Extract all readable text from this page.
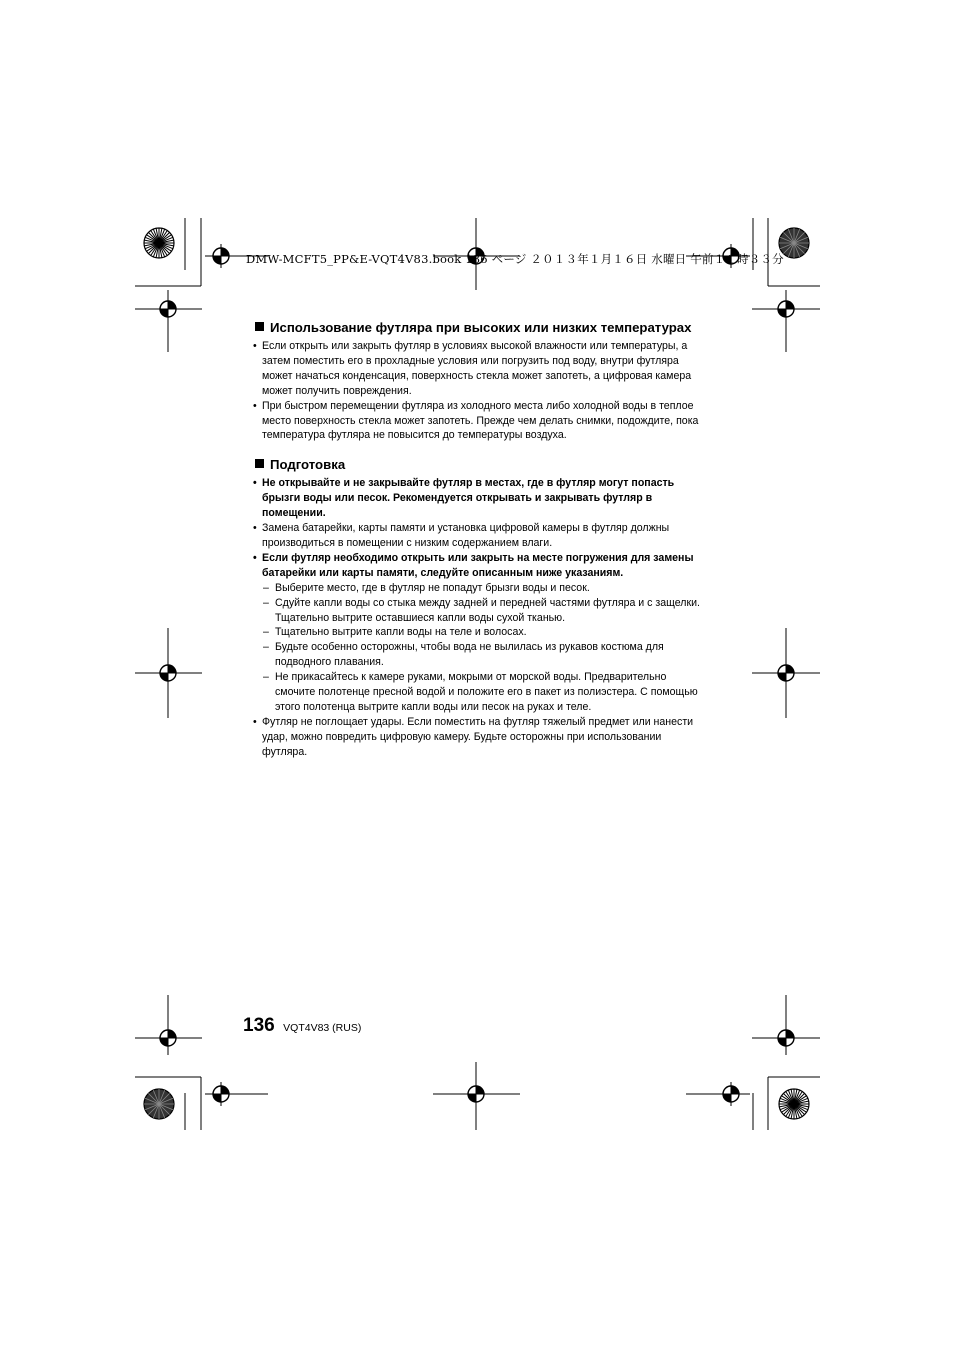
DMW-MCFT5_PP&E-VQT4V83.book 136 ページ ２０１３年１月１６日 水曜日 午前１１時３３分

Использование футляра при высоких или низких температурах

• Если открыть или закрыть футляр в условиях высокой влажности или температуры, а затем поместить его в прохладные условия или погрузить под воду, внутри футляра может начаться конденсация, поверхность стекла может запотеть, а цифровая камера может получить повреждения.

• При быстром перемещении футляра из холодного места либо холодной воды в теплое место поверхность стекла может запотеть. Прежде чем делать снимки, подождите, пока температура футляра не повысится до температуры воздуха.

Подготовка

• Не открывайте и не закрывайте футляр в местах, где в футляр могут попасть брызги воды или песок. Рекомендуется открывать и закрывать футляр в помещении.

• Замена батарейки, карты памяти и установка цифровой камеры в футляр должны производиться в помещении с низким содержанием влаги.

• Если футляр необходимо открыть или закрыть на месте погружения для замены батарейки или карты памяти, следуйте описанным ниже указаниям.

– Выберите место, где в футляр не попадут брызги воды и песок.

– Сдуйте капли воды со стыка между задней и передней частями футляра и с защелки. Тщательно вытрите оставшиеся капли воды сухой тканью.

– Тщательно вытрите капли воды на теле и волосах.

– Будьте особенно осторожны, чтобы вода не вылилась из рукавов костюма для подводного плавания.

– Не прикасайтесь к камере руками, мокрыми от морской воды. Предварительно смочите полотенце пресной водой и положите его в пакет из полиэстера. С помощью этого полотенца вытрите капли воды или песок на руках и теле.

• Футляр не поглощает удары. Если поместить на футляр тяжелый предмет или нанести удар, можно повредить цифровую камеру. Будьте осторожны при использовании футляра.

136 VQT4V83 (RUS)
